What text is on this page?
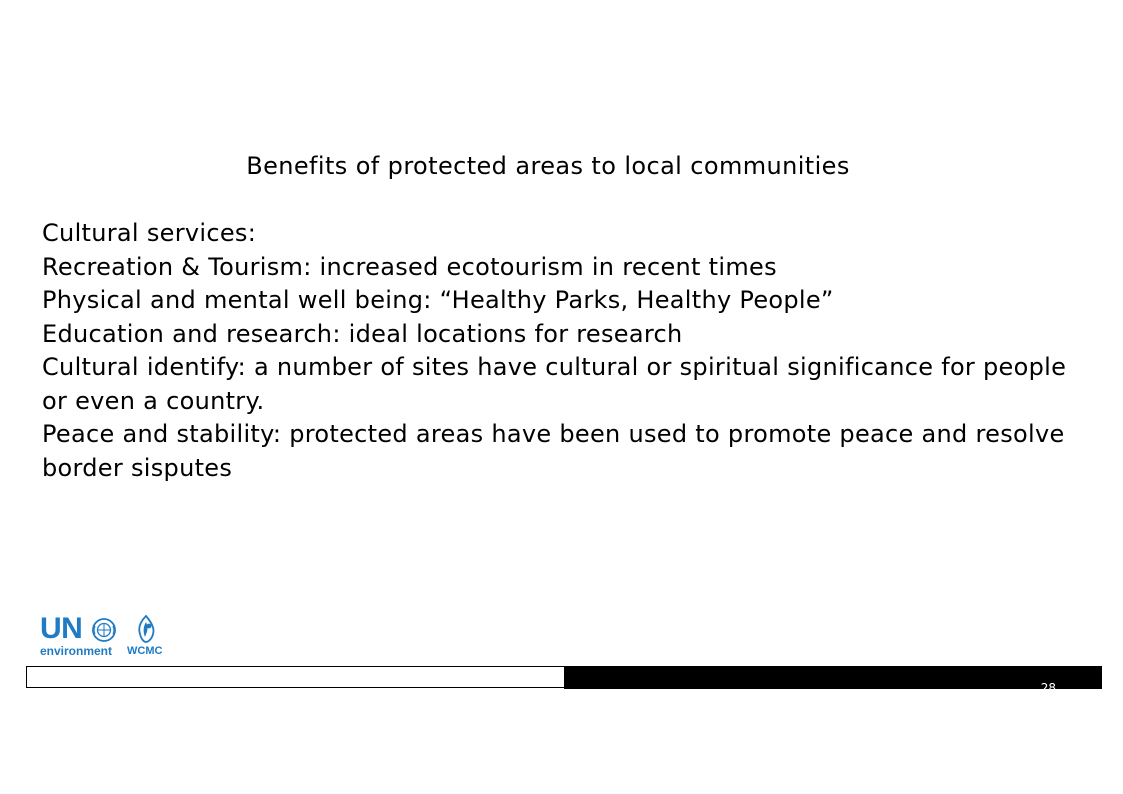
Benefits of protected areas to local communities

Cultural services:

Recreation & Tourism: increased ecotourism in recent times

Physical and mental well being: “Healthy Parks, Healthy People”

Education and research: ideal locations for research

Cultural identify: a number of sites have cultural or spiritual significance for people or even a country.

Peace and stability: protected areas have been used to promote peace and resolve border sisputes

UN
environment WCMC
28
